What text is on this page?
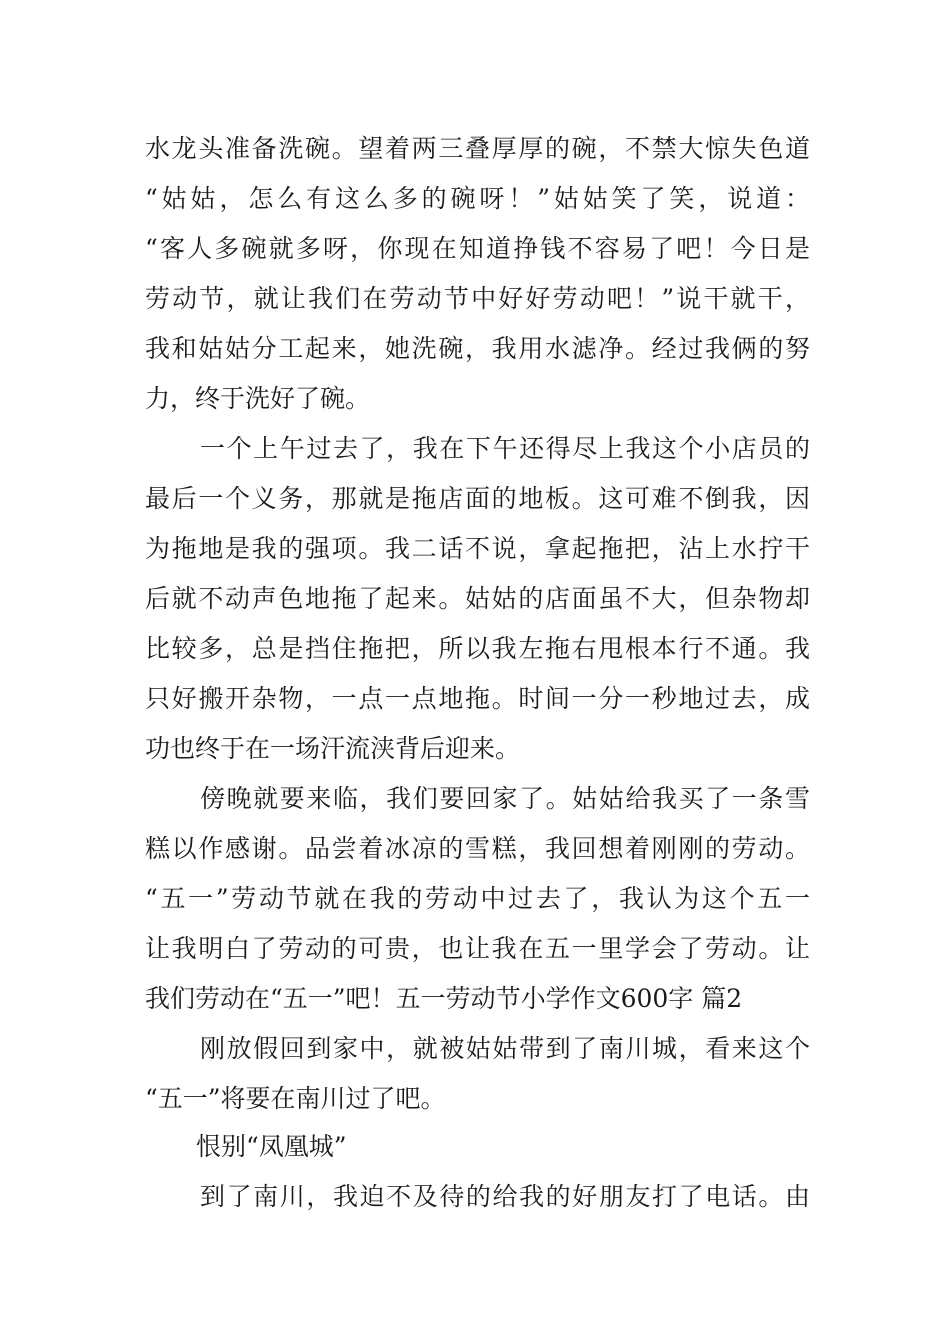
水龙头准备洗碗。望着两三叠厚厚的碗，不禁大惊失色道
“姑姑，怎么有这么多的碗呀！”姑姑笑了笑，说道：
“客人多碗就多呀，你现在知道挣钱不容易了吧！今日是
劳动节，就让我们在劳动节中好好劳动吧！”说干就干，
我和姑姑分工起来，她洗碗，我用水滤净。经过我俩的努
力，终于洗好了碗。
一个上午过去了，我在下午还得尽上我这个小店员的
最后一个义务，那就是拖店面的地板。这可难不倒我，因
为拖地是我的强项。我二话不说，拿起拖把，沾上水拧干
后就不动声色地拖了起来。姑姑的店面虽不大，但杂物却
比较多，总是挡住拖把，所以我左拖右甩根本行不通。我
只好搬开杂物，一点一点地拖。时间一分一秒地过去，成
功也终于在一场汗流浃背后迎来。
傍晚就要来临，我们要回家了。姑姑给我买了一条雪
糕以作感谢。品尝着冰凉的雪糕，我回想着刚刚的劳动。
“五一”劳动节就在我的劳动中过去了，我认为这个五一
让我明白了劳动的可贵，也让我在五一里学会了劳动。让
我们劳动在“五一”吧！五一劳动节小学作文600字 篇2
刚放假回到家中，就被姑姑带到了南川城，看来这个
“五一”将要在南川过了吧。
恨别“凤凰城”
到了南川，我迫不及待的给我的好朋友打了电话。由
